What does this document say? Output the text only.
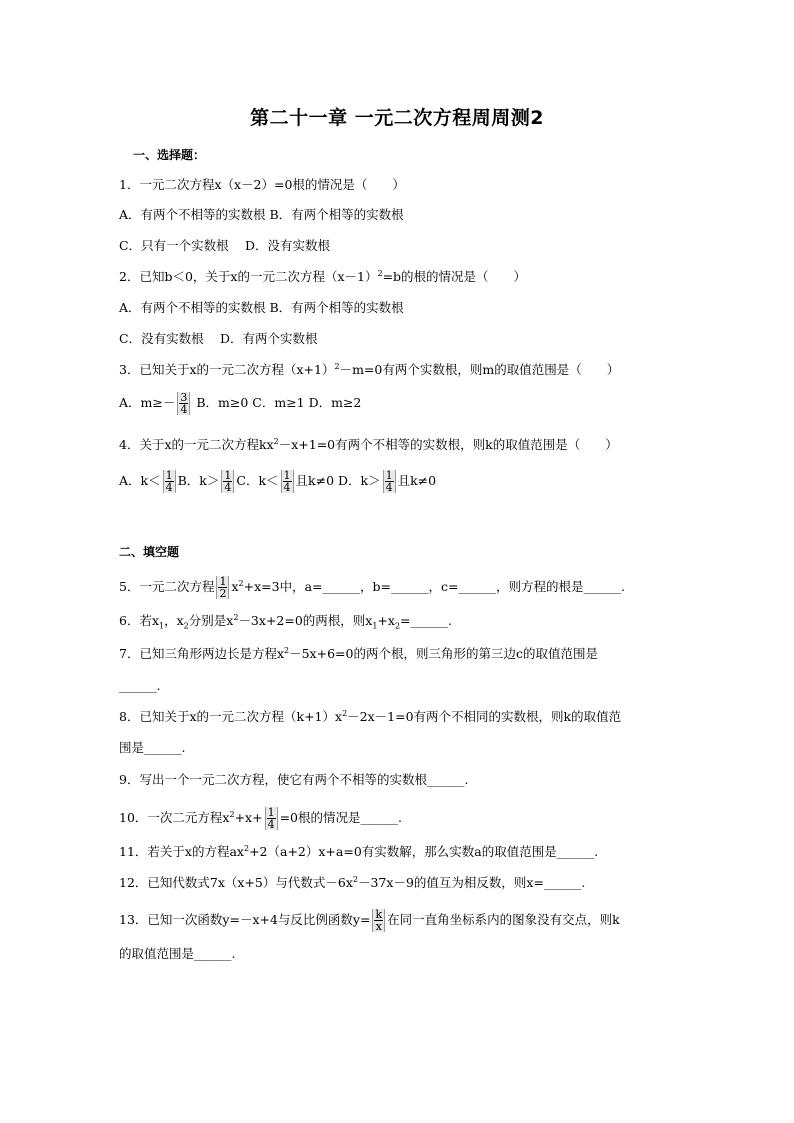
第二十一章 一元二次方程周周测2
一、选择题：
1．一元二次方程x（x－2）=0根的情况是（　　）
A．有两个不相等的实数根 B．有两个相等的实数根
C．只有一个实数根　 D．没有实数根
2．已知b＜0，关于x的一元二次方程$(x-1)^2=b$的根的情况是（　　）
A．有两个不相等的实数根 B．有两个相等的实数根
C．没有实数根　 D．有两个实数根
3．已知关于x的一元二次方程$(x+1)^2-m=0$有两个实数根，则m的取值范围是（　　）
A．$m\ge- \frac{3}{4}$ B．m≥0 C．m≥1 D．m≥2
4．关于x的一元二次方程$kx^2-x+1=0$有两个不相等的实数根，则k的取值范围是（　　）
A．$k< \frac{1}{4}$ B．$k> \frac{1}{4}$ C．$k< \frac{1}{4}$ 且k≠0 D．$k> \frac{1}{4}$ 且k≠0
二、填空题
5．一元二次方程 $\frac{1}{2} x^2+x=3$中，a=______，b=______，c=______，则方程的根是______.
6．若$x_1$，$x_2$分别是$x^2-3x+2=0$的两根，则$x_1+x_2=\_\_\_\_\_\_$.
7．已知三角形两边长是方程$x^2-5x+6=0$的两个根，则三角形的第三边c的取值范围是
______.
8．已知关于x的一元二次方程$(k+1)x^2-2x-1=0$有两个不相同的实数根，则k的取值范
围是______.
9．写出一个一元二次方程，使它有两个不相等的实数根______.
10．一次二元方程$x^2+x+ \frac{1}{4} =0$根的情况是______.
11．若关于x的方程$ax^2+2(a+2)x+a=0$有实数解，那么实数a的取值范围是______.
12．已知代数式7x（x+5）与代数式$-6x^2-37x-9$的值互为相反数，则x=______.
13．已知一次函数y=－x+4与反比例函数$y= \frac{k}{x}$ 在同一直角坐标系内的图象没有交点，则k
的取值范围是______.
